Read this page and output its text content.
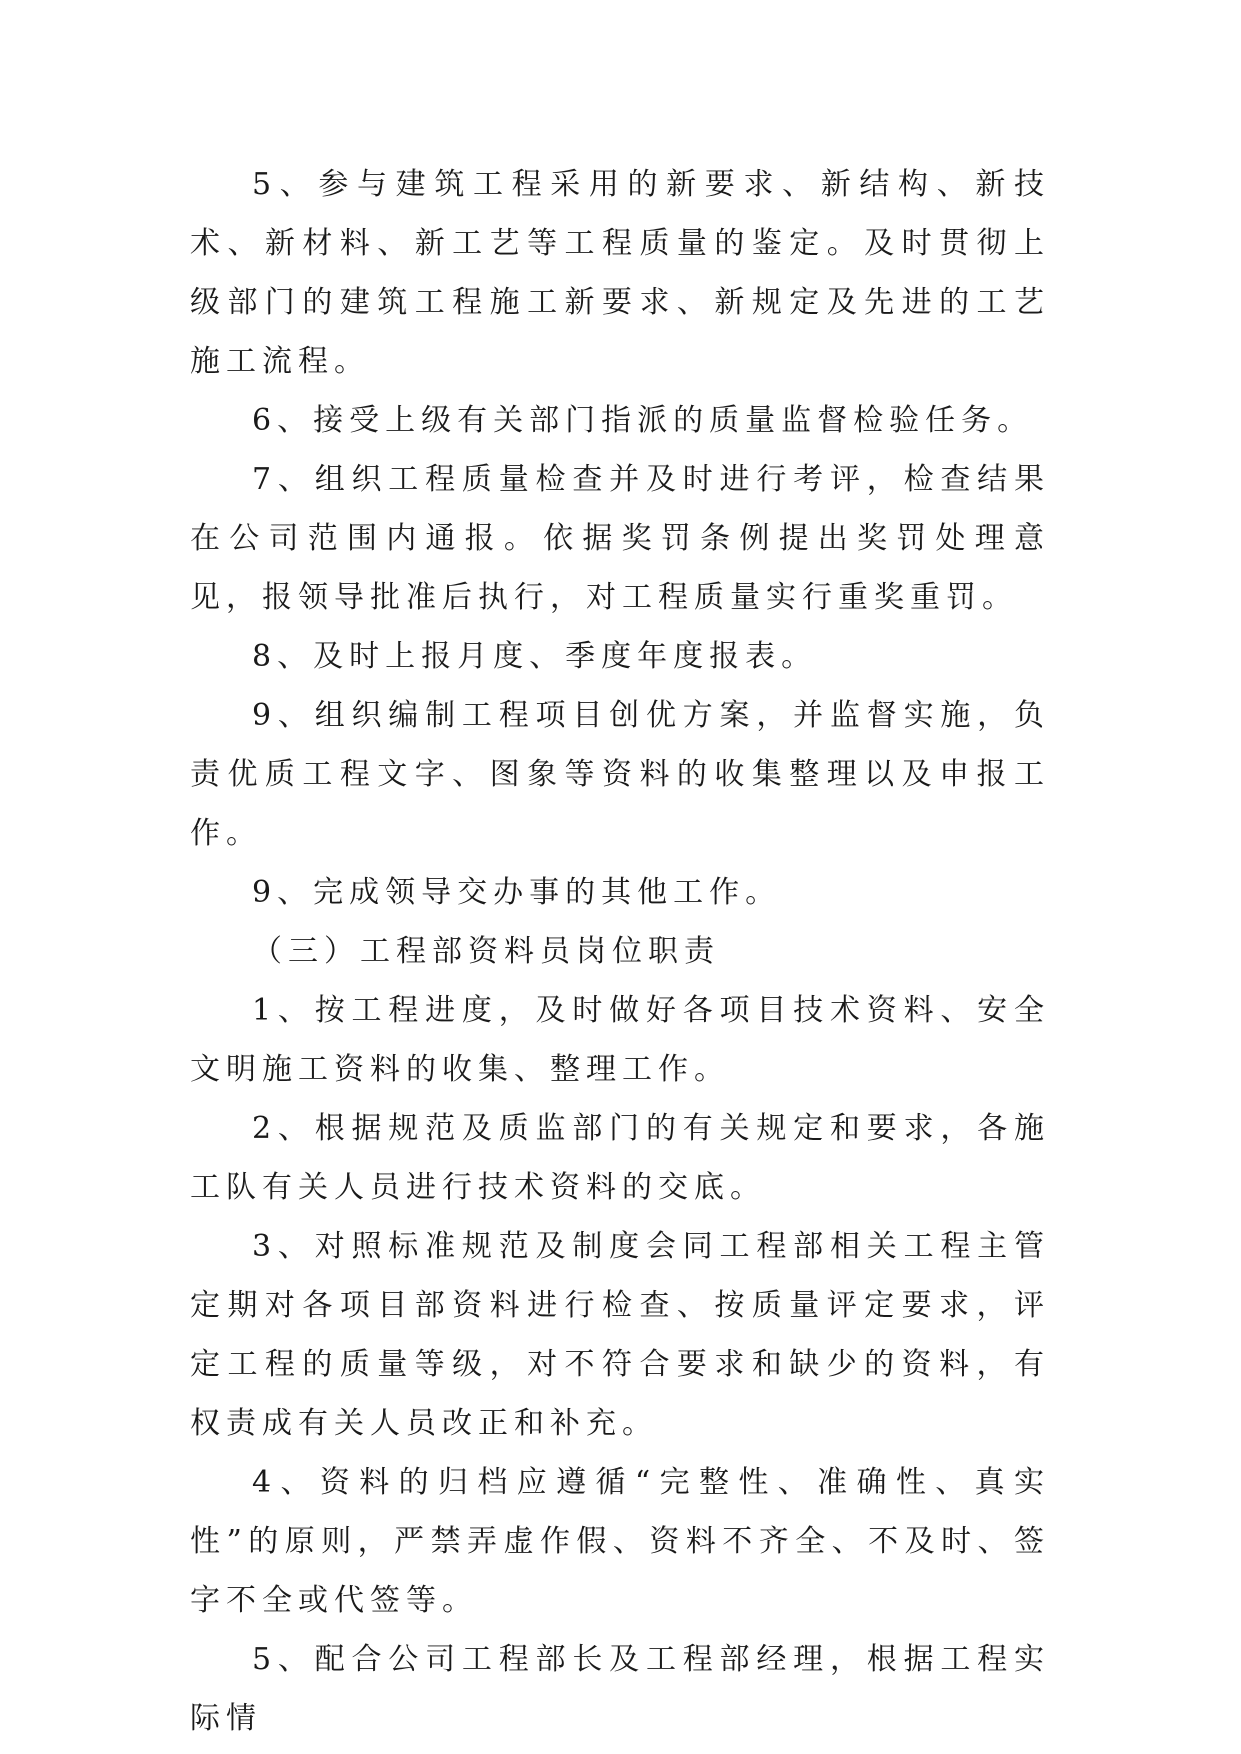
5、参与建筑工程采用的新要求、新结构、新技术、新材料、新工艺等工程质量的鉴定。及时贯彻上级部门的建筑工程施工新要求、新规定及先进的工艺施工流程。

6、接受上级有关部门指派的质量监督检验任务。

7、组织工程质量检查并及时进行考评，检查结果在公司范围内通报。依据奖罚条例提出奖罚处理意见，报领导批准后执行，对工程质量实行重奖重罚。

8、及时上报月度、季度年度报表。

9、组织编制工程项目创优方案，并监督实施，负责优质工程文字、图象等资料的收集整理以及申报工作。

9、完成领导交办事的其他工作。

（三）工程部资料员岗位职责

1、按工程进度，及时做好各项目技术资料、安全文明施工资料的收集、整理工作。

2、根据规范及质监部门的有关规定和要求，各施工队有关人员进行技术资料的交底。

3、对照标准规范及制度会同工程部相关工程主管定期对各项目部资料进行检查、按质量评定要求，评定工程的质量等级，对不符合要求和缺少的资料，有权责成有关人员改正和补充。

4、资料的归档应遵循“完整性、准确性、真实性”的原则，严禁弄虚作假、资料不齐全、不及时、签字不全或代签等。

5、配合公司工程部长及工程部经理，根据工程实际情
